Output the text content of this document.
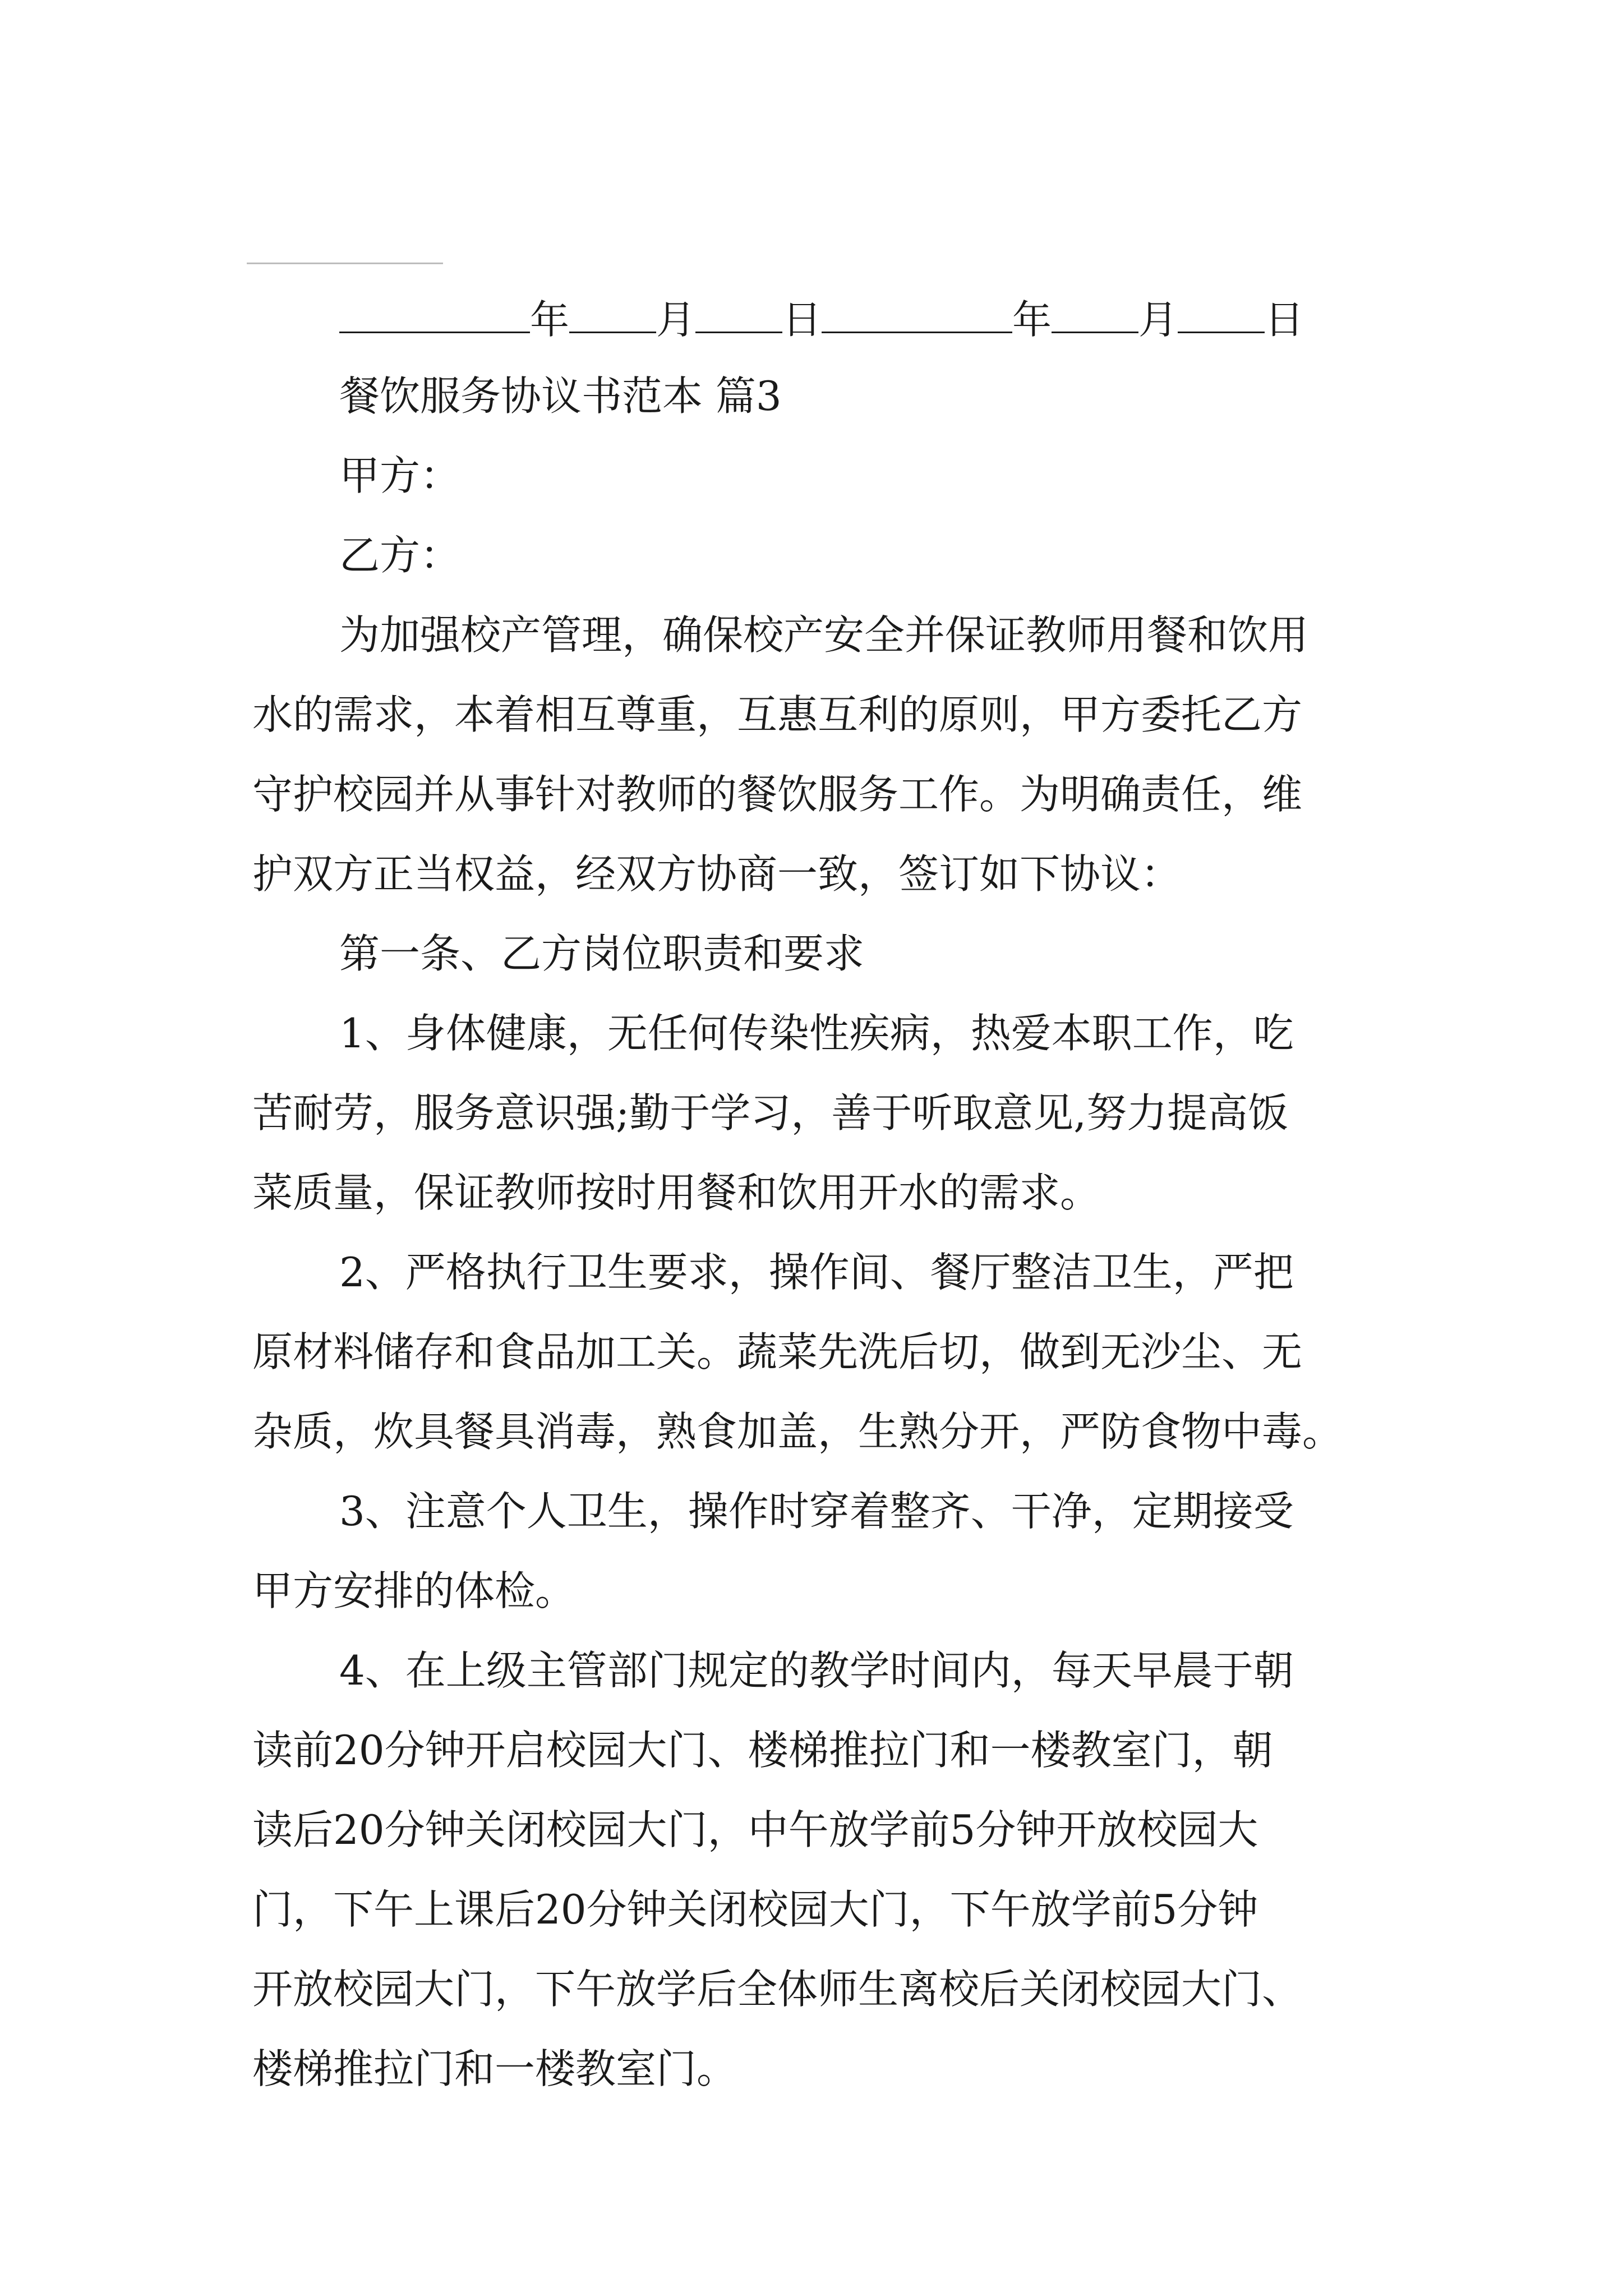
年 月 日	年 月 日
餐饮服务协议书范本 篇3
甲方：
乙方：
为加强校产管理，确保校产安全并保证教师用餐和饮用
水的需求，本着相互尊重，互惠互利的原则，甲方委托乙方
守护校园并从事针对教师的餐饮服务工作。为明确责任，维
护双方正当权益，经双方协商一致，签订如下协议：
第一条、乙方岗位职责和要求
1、身体健康，无任何传染性疾病，热爱本职工作，吃
苦耐劳，服务意识强;勤于学习，善于听取意见,努力提高饭
菜质量，保证教师按时用餐和饮用开水的需求。
2、严格执行卫生要求，操作间、餐厅整洁卫生，严把
原材料储存和食品加工关。蔬菜先洗后切，做到无沙尘、无
杂质，炊具餐具消毒，熟食加盖，生熟分开，严防食物中毒。
3、注意个人卫生，操作时穿着整齐、干净，定期接受
甲方安排的体检。
4、在上级主管部门规定的教学时间内，每天早晨于朝
读前20分钟开启校园大门、楼梯推拉门和一楼教室门，朝
读后20分钟关闭校园大门，中午放学前5分钟开放校园大
门，下午上课后20分钟关闭校园大门，下午放学前5分钟
开放校园大门，下午放学后全体师生离校后关闭校园大门、
楼梯推拉门和一楼教室门。
